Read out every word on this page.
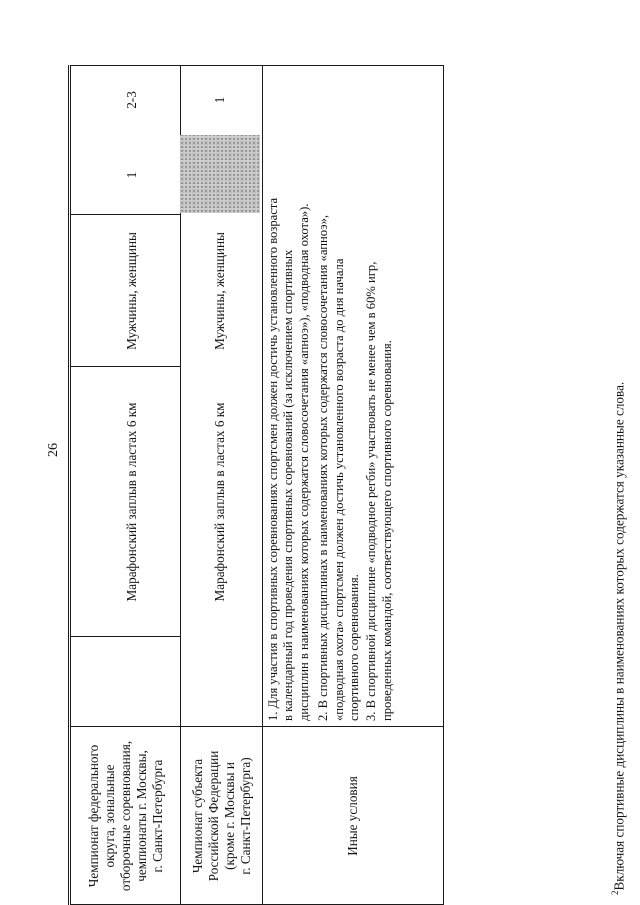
26
Чемпионат федерального округа, зональные отборочные соревнования, чемпионаты г. Москвы, г. Санкт-Петербурга
Марафонский заплыв в ластах 6 км
Мужчины, женщины
1
2-3
Чемпионат субъекта Российской Федерации (кроме г. Москвы и г. Санкт-Петербурга)
Марафонский заплыв в ластах 6 км
Мужчины, женщины
1
Иные условия

1. Для участия в спортивных соревнованиях спортсмен должен достичь установленного возраста
в календарный год проведения спортивных соревнований (за исключением спортивных
дисциплин в наименованиях которых содержатся словосочетания «апноэ»), «подводная охота»). 2. В спортивных дисциплинах в наименованиях которых содержатся словосочетания «апноэ»,
«подводная охота» спортсмен должен достичь установленного возраста до дня начала
спортивного соревнования. 3. В спортивной дисциплине «подводное регби» участвовать не менее чем в 60% игр,
проведенных командой, соответствующего спортивного соревнования.

$^2$Включая спортивные дисциплины в наименованиях которых содержатся указанные слова.
